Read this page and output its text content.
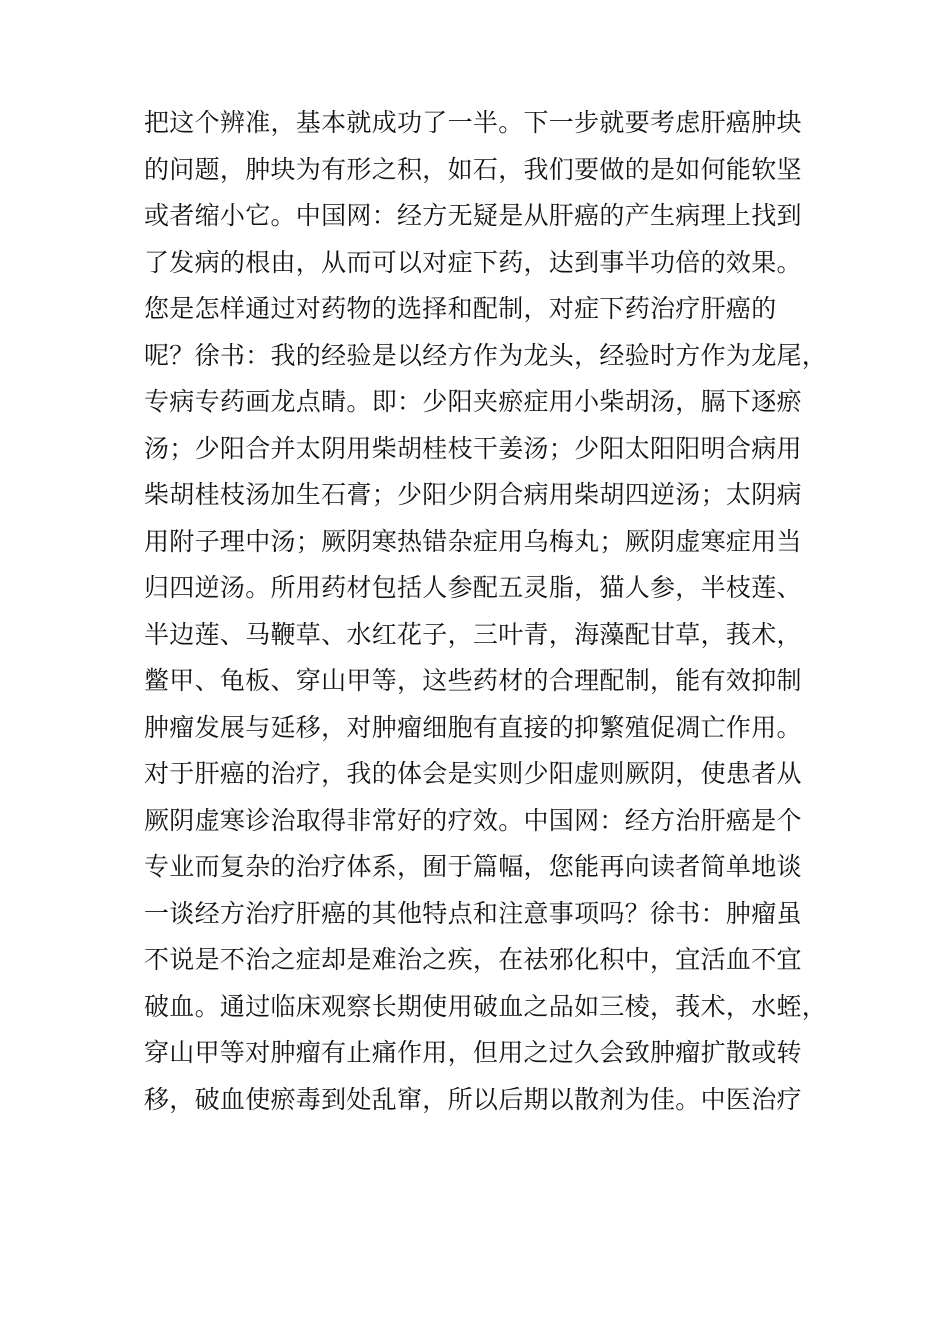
把这个辨准，基本就成功了一半。下一步就要考虑肝癌肿块
的问题，肿块为有形之积，如石，我们要做的是如何能软坚
或者缩小它。中国网：经方无疑是从肝癌的产生病理上找到
了发病的根由，从而可以对症下药，达到事半功倍的效果。
您是怎样通过对药物的选择和配制，对症下药治疗肝癌的
呢？徐书：我的经验是以经方作为龙头，经验时方作为龙尾，
专病专药画龙点睛。即：少阳夹瘀症用小柴胡汤，膈下逐瘀
汤；少阳合并太阴用柴胡桂枝干姜汤；少阳太阳阳明合病用
柴胡桂枝汤加生石膏；少阳少阴合病用柴胡四逆汤；太阴病
用附子理中汤；厥阴寒热错杂症用乌梅丸；厥阴虚寒症用当
归四逆汤。所用药材包括人参配五灵脂，猫人参，半枝莲、
半边莲、马鞭草、水红花子，三叶青，海藻配甘草，莪术，
鳖甲、龟板、穿山甲等，这些药材的合理配制，能有效抑制
肿瘤发展与延移，对肿瘤细胞有直接的抑繁殖促凋亡作用。
对于肝癌的治疗，我的体会是实则少阳虚则厥阴，使患者从
厥阴虚寒诊治取得非常好的疗效。中国网：经方治肝癌是个
专业而复杂的治疗体系，囿于篇幅，您能再向读者简单地谈
一谈经方治疗肝癌的其他特点和注意事项吗？徐书：肿瘤虽
不说是不治之症却是难治之疾，在祛邪化积中，宜活血不宜
破血。通过临床观察长期使用破血之品如三棱，莪术，水蛭，
穿山甲等对肿瘤有止痛作用，但用之过久会致肿瘤扩散或转
移，破血使瘀毒到处乱窜，所以后期以散剂为佳。中医治疗
